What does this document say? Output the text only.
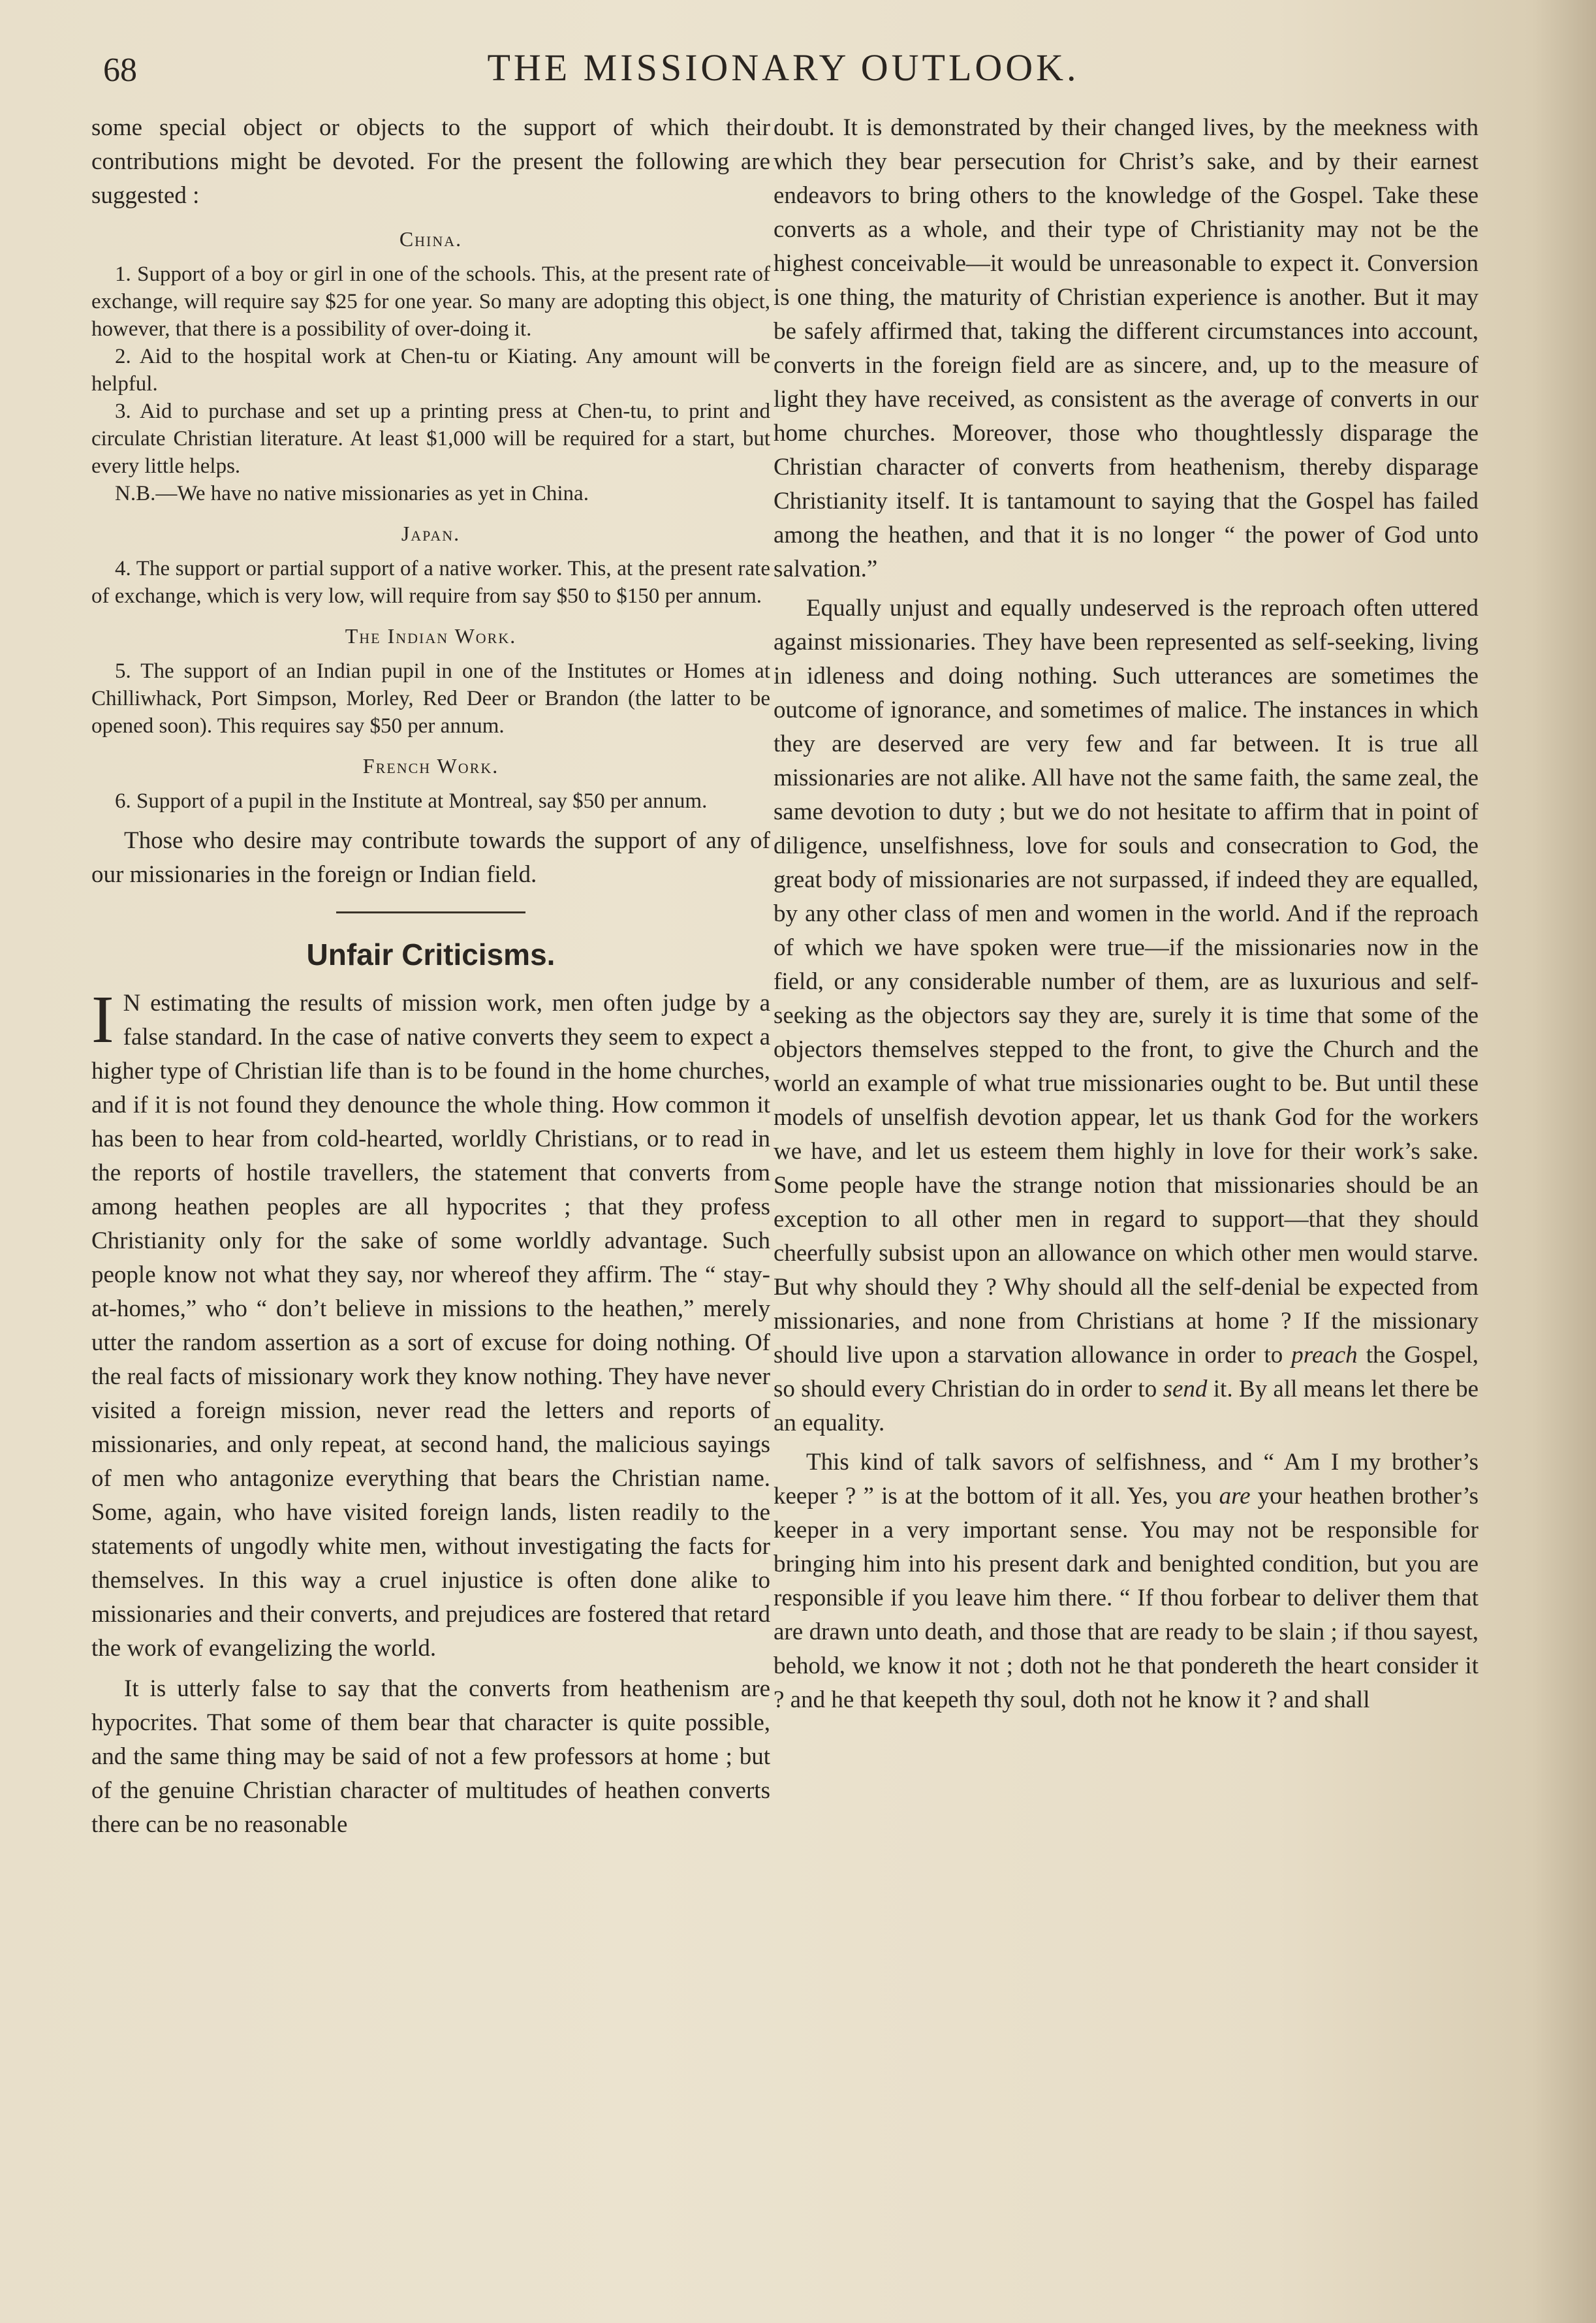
68	THE MISSIONARY OUTLOOK.

some special object or objects to the support of which their contributions might be devoted. For the present the following are suggested :

China.

1. Support of a boy or girl in one of the schools. This, at the present rate of exchange, will require say $25 for one year. So many are adopting this object, however, that there is a possibility of over-doing it.

2. Aid to the hospital work at Chen-tu or Kiating. Any amount will be helpful.

3. Aid to purchase and set up a printing press at Chen-tu, to print and circulate Christian literature. At least $1,000 will be required for a start, but every little helps.

N.B.—We have no native missionaries as yet in China.

Japan.

4. The support or partial support of a native worker. This, at the present rate of exchange, which is very low, will require from say $50 to $150 per annum.

The Indian Work.

5. The support of an Indian pupil in one of the Institutes or Homes at Chilliwhack, Port Simpson, Morley, Red Deer or Brandon (the latter to be opened soon). This requires say $50 per annum.

French Work.

6. Support of a pupil in the Institute at Montreal, say $50 per annum.

Those who desire may contribute towards the support of any of our missionaries in the foreign or Indian field.

Unfair Criticisms.

I N estimating the results of mission work, men often judge by a false standard. In the case of native converts they seem to expect a higher type of Christian life than is to be found in the home churches, and if it is not found they denounce the whole thing. How common it has been to hear from cold-hearted, worldly Christians, or to read in the reports of hostile travellers, the statement that converts from among heathen peoples are all hypocrites ; that they profess Christianity only for the sake of some worldly advantage. Such people know not what they say, nor whereof they affirm. The “ stay-at-homes,” who “ don’t believe in missions to the heathen,” merely utter the random assertion as a sort of excuse for doing nothing. Of the real facts of missionary work they know nothing. They have never visited a foreign mission, never read the letters and reports of missionaries, and only repeat, at second hand, the malicious sayings of men who antagonize everything that bears the Christian name. Some, again, who have visited foreign lands, listen readily to the statements of ungodly white men, without investigating the facts for themselves. In this way a cruel injustice is often done alike to missionaries and their converts, and prejudices are fostered that retard the work of evangelizing the world.

It is utterly false to say that the converts from heathenism are hypocrites. That some of them bear that character is quite possible, and the same thing may be said of not a few professors at home ; but of the genuine Christian character of multitudes of heathen converts there can be no reasonable

doubt. It is demonstrated by their changed lives, by the meekness with which they bear persecution for Christ’s sake, and by their earnest endeavors to bring others to the knowledge of the Gospel. Take these converts as a whole, and their type of Christianity may not be the highest conceivable—it would be unreasonable to expect it. Conversion is one thing, the maturity of Christian experience is another. But it may be safely affirmed that, taking the different circumstances into account, converts in the foreign field are as sincere, and, up to the measure of light they have received, as consistent as the average of converts in our home churches. Moreover, those who thoughtlessly disparage the Christian character of converts from heathenism, thereby disparage Christianity itself. It is tantamount to saying that the Gospel has failed among the heathen, and that it is no longer “ the power of God unto salvation.”

Equally unjust and equally undeserved is the reproach often uttered against missionaries. They have been represented as self-seeking, living in idleness and doing nothing. Such utterances are sometimes the outcome of ignorance, and sometimes of malice. The instances in which they are deserved are very few and far between. It is true all missionaries are not alike. All have not the same faith, the same zeal, the same devotion to duty ; but we do not hesitate to affirm that in point of diligence, unselfishness, love for souls and consecration to God, the great body of missionaries are not surpassed, if indeed they are equalled, by any other class of men and women in the world. And if the reproach of which we have spoken were true—if the missionaries now in the field, or any considerable number of them, are as luxurious and self-seeking as the objectors say they are, surely it is time that some of the objectors themselves stepped to the front, to give the Church and the world an example of what true missionaries ought to be. But until these models of unselfish devotion appear, let us thank God for the workers we have, and let us esteem them highly in love for their work’s sake. Some people have the strange notion that missionaries should be an exception to all other men in regard to support—that they should cheerfully subsist upon an allowance on which other men would starve. But why should they ? Why should all the self-denial be expected from missionaries, and none from Christians at home ? If the missionary should live upon a starvation allowance in order to preach the Gospel, so should every Christian do in order to send it. By all means let there be an equality.

This kind of talk savors of selfishness, and “ Am I my brother’s keeper ? ” is at the bottom of it all. Yes, you are your heathen brother’s keeper in a very important sense. You may not be responsible for bringing him into his present dark and benighted condition, but you are responsible if you leave him there. “ If thou forbear to deliver them that are drawn unto death, and those that are ready to be slain ; if thou sayest, behold, we know it not ; doth not he that pondereth the heart consider it ? and he that keepeth thy soul, doth not he know it ? and shall
